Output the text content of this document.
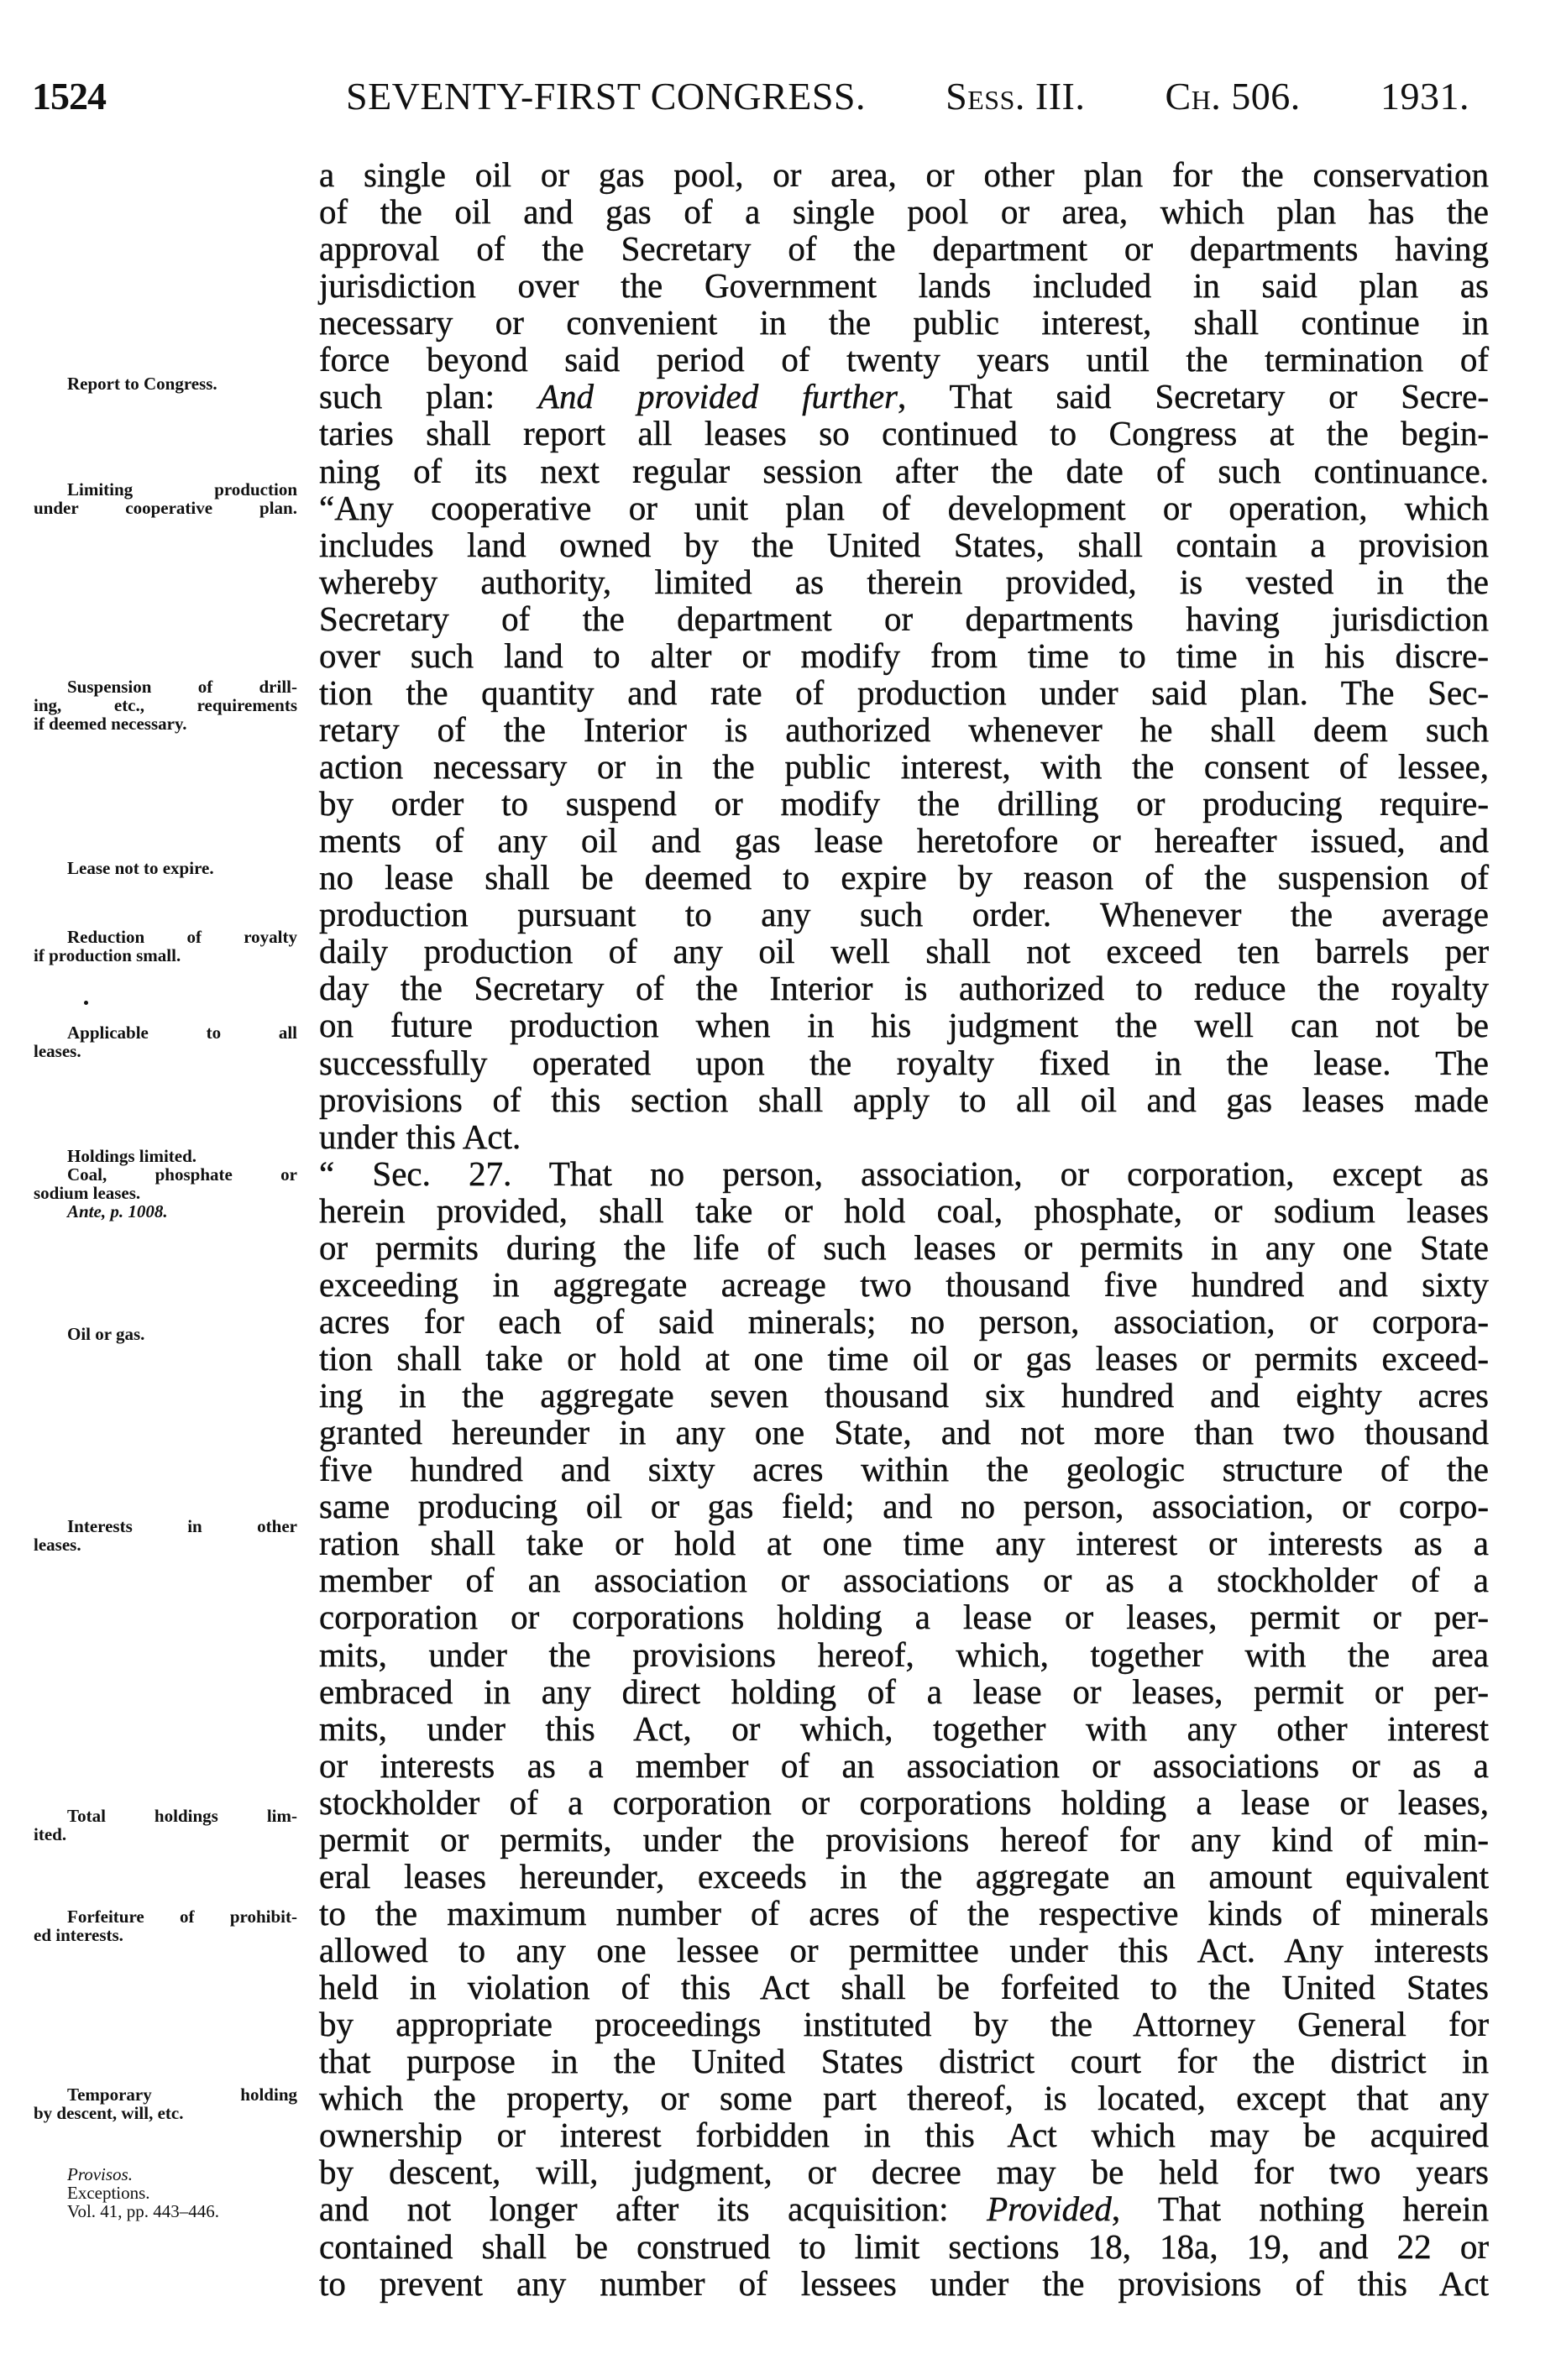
1524	SEVENTY-FIRST CONGRESS. Sess. III. Ch. 506. 1931.
Report to Congress.
Limiting production
under cooperative plan.
Suspension of drill-
ing, etc., requirements
if deemed necessary.
Lease not to expire.
Reduction of royalty
if production small.
Applicable to all
leases.
Holdings limited.
Coal, phosphate or
sodium leases.
Ante, p. 1008.
Oil or gas.
Interests in other
leases.
Total holdings lim-
ited.
Forfeiture of prohibit-
ed interests.
Temporary holding
by descent, will, etc.
Provisos.
Exceptions.
Vol. 41, pp. 443–446.
a single oil or gas pool, or area, or other plan for the conservation
of the oil and gas of a single pool or area, which plan has the
approval of the Secretary of the department or departments having
jurisdiction over the Government lands included in said plan as
necessary or convenient in the public interest, shall continue in
force beyond said period of twenty years until the termination of
such plan: And provided further, That said Secretary or Secre-
taries shall report all leases so continued to Congress at the begin-
ning of its next regular session after the date of such continuance.
“Any cooperative or unit plan of development or operation, which
includes land owned by the United States, shall contain a provision
whereby authority, limited as therein provided, is vested in the
Secretary of the department or departments having jurisdiction
over such land to alter or modify from time to time in his discre-
tion the quantity and rate of production under said plan. The Sec-
retary of the Interior is authorized whenever he shall deem such
action necessary or in the public interest, with the consent of lessee,
by order to suspend or modify the drilling or producing require-
ments of any oil and gas lease heretofore or hereafter issued, and
no lease shall be deemed to expire by reason of the suspension of
production pursuant to any such order. Whenever the average
daily production of any oil well shall not exceed ten barrels per
day the Secretary of the Interior is authorized to reduce the royalty
on future production when in his judgment the well can not be
successfully operated upon the royalty fixed in the lease. The
provisions of this section shall apply to all oil and gas leases made
under this Act.
“ Sec. 27. That no person, association, or corporation, except as
herein provided, shall take or hold coal, phosphate, or sodium leases
or permits during the life of such leases or permits in any one State
exceeding in aggregate acreage two thousand five hundred and sixty
acres for each of said minerals; no person, association, or corpora-
tion shall take or hold at one time oil or gas leases or permits exceed-
ing in the aggregate seven thousand six hundred and eighty acres
granted hereunder in any one State, and not more than two thousand
five hundred and sixty acres within the geologic structure of the
same producing oil or gas field; and no person, association, or corpo-
ration shall take or hold at one time any interest or interests as a
member of an association or associations or as a stockholder of a
corporation or corporations holding a lease or leases, permit or per-
mits, under the provisions hereof, which, together with the area
embraced in any direct holding of a lease or leases, permit or per-
mits, under this Act, or which, together with any other interest
or interests as a member of an association or associations or as a
stockholder of a corporation or corporations holding a lease or leases,
permit or permits, under the provisions hereof for any kind of min-
eral leases hereunder, exceeds in the aggregate an amount equivalent
to the maximum number of acres of the respective kinds of minerals
allowed to any one lessee or permittee under this Act. Any interests
held in violation of this Act shall be forfeited to the United States
by appropriate proceedings instituted by the Attorney General for
that purpose in the United States district court for the district in
which the property, or some part thereof, is located, except that any
ownership or interest forbidden in this Act which may be acquired
by descent, will, judgment, or decree may be held for two years
and not longer after its acquisition: Provided, That nothing herein
contained shall be construed to limit sections 18, 18a, 19, and 22 or
to prevent any number of lessees under the provisions of this Act
